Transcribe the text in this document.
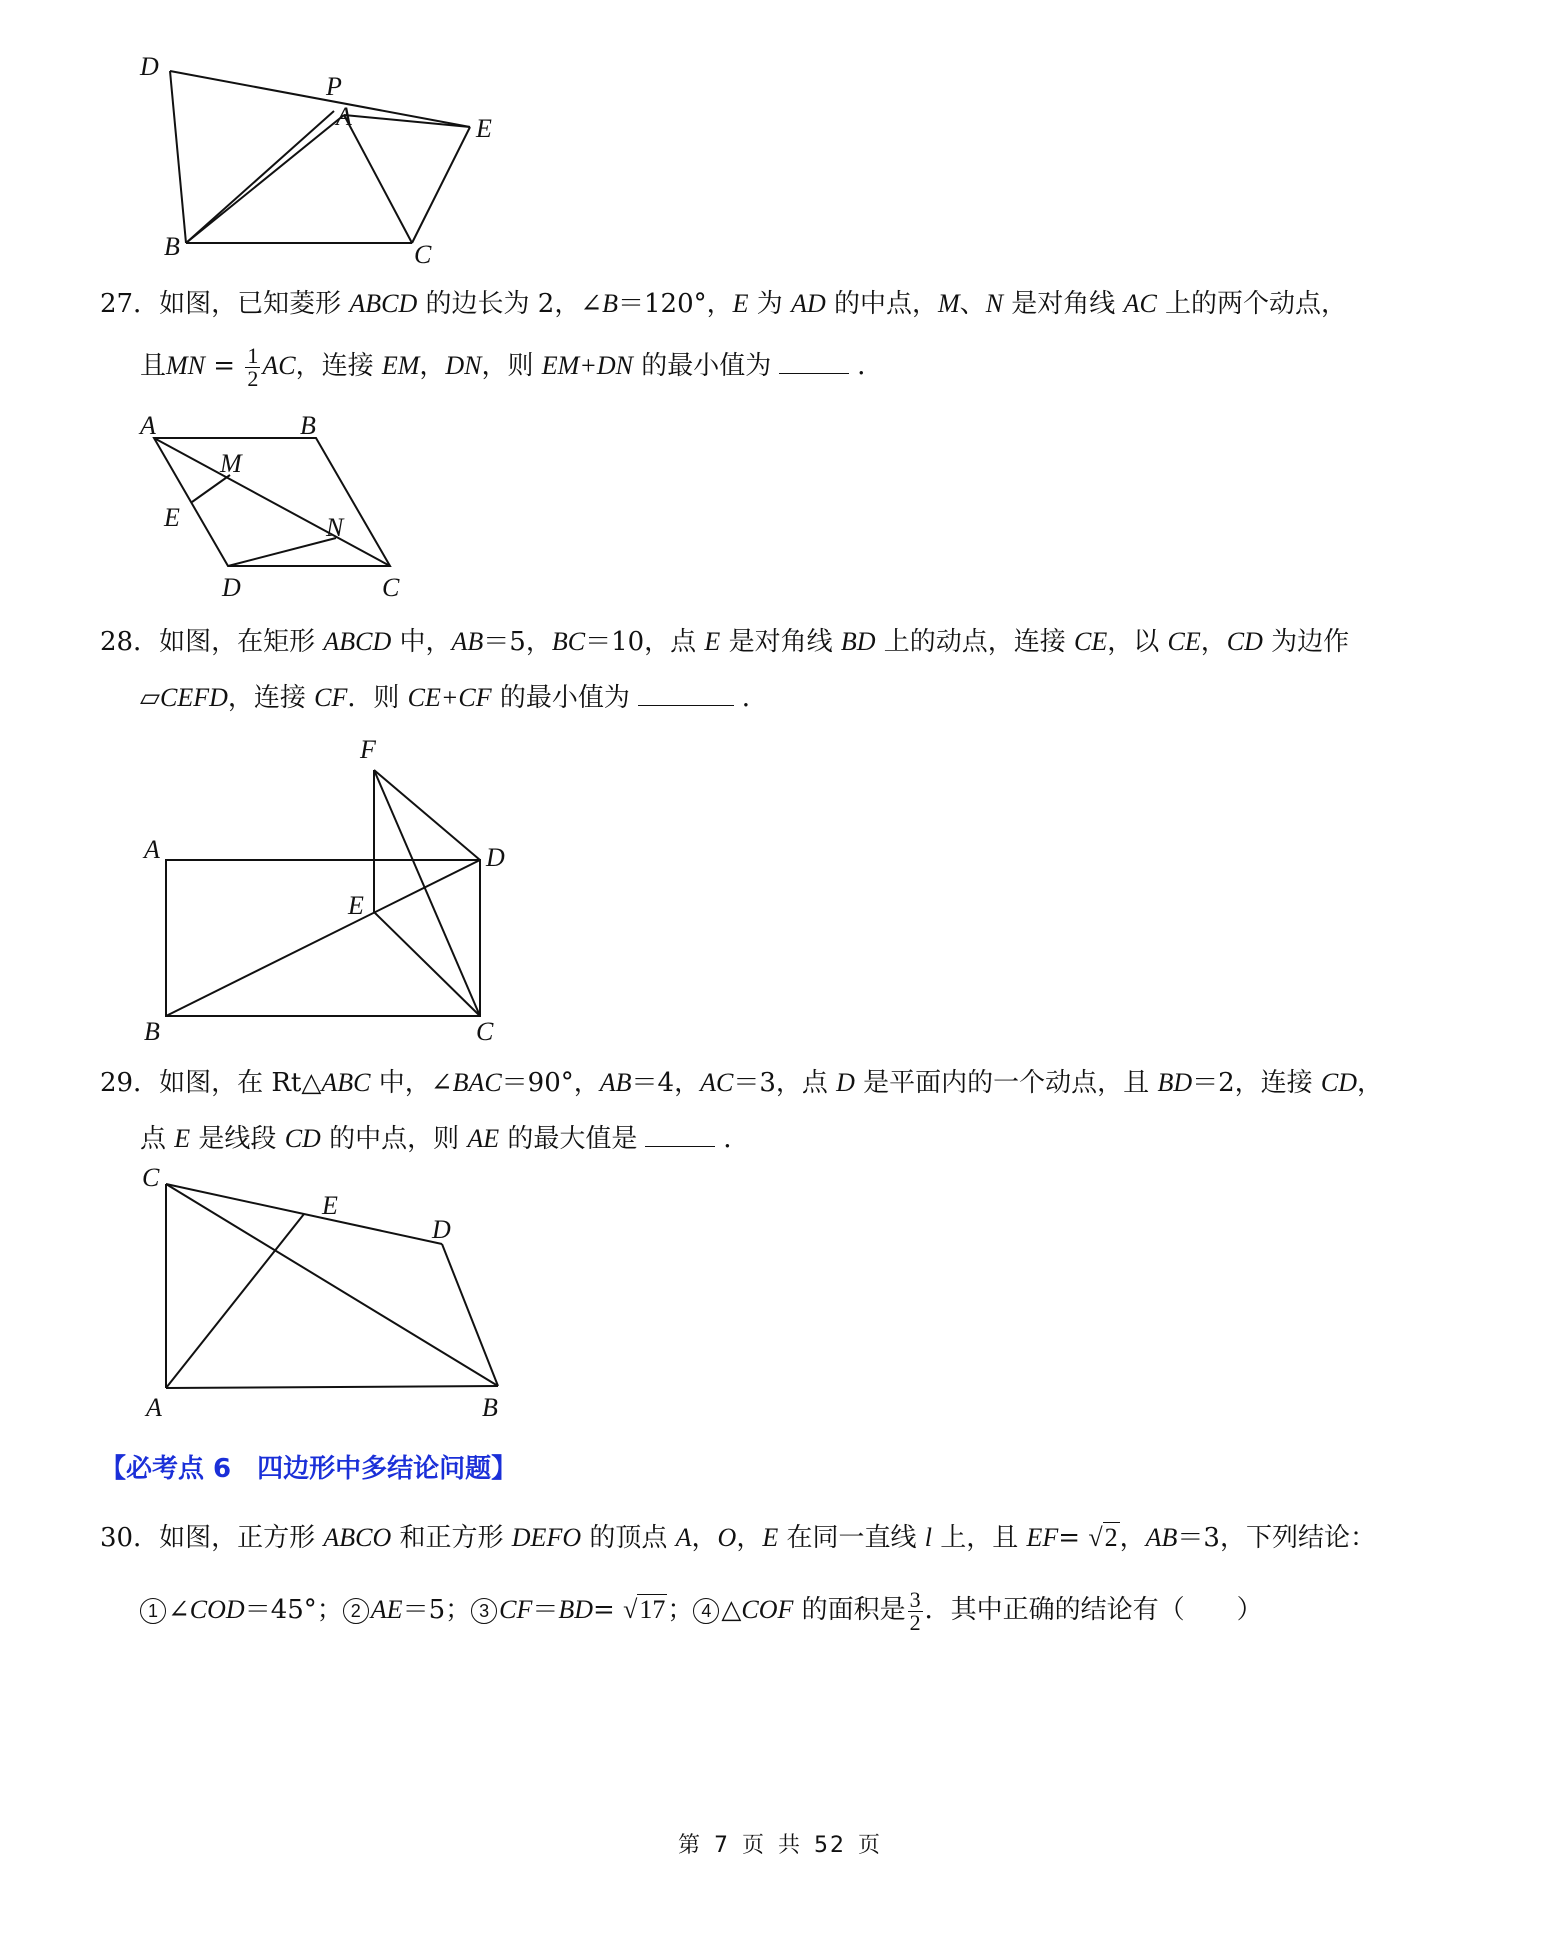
D
P
A	E
B	C
27．如图，已知菱形 ABCD 的边长为 2，∠B＝120°，E 为 AD 的中点，M、N 是对角线 AC 上的两个动点，
且MN = $\frac{1}{2}$ AC，连接 EM，DN，则 EM+DN 的最小值为	．
A	B
M
E	N
D	C
28．如图，在矩形 ABCD 中，AB＝5，BC＝10，点 E 是对角线 BD 上的动点，连接 CE，以 CE，CD 为边作
▱CEFD，连接 CF．则 CE+CF 的最小值为	．
F
A	D
E
B	C
29．如图，在 Rt△ABC 中，∠BAC＝90°，AB＝4，AC＝3，点 D 是平面内的一个动点，且 BD＝2，连接 CD，
点 E 是线段 CD 的中点，则 AE 的最大值是	．
C
E
D
A	B
【必考点 6　四边形中多结论问题】
30．如图，正方形 ABCO 和正方形 DEFO 的顶点 A，O，E 在同一直线 l 上，且 EF= √2，AB＝3，下列结论：
1 ∠COD＝45°； 2 AE＝5； 3 CF＝BD= √17； 4 △COF 的面积是 $\frac{3}{2}$ ．其中正确的结论有（　　）
第 7 页 共 52 页
